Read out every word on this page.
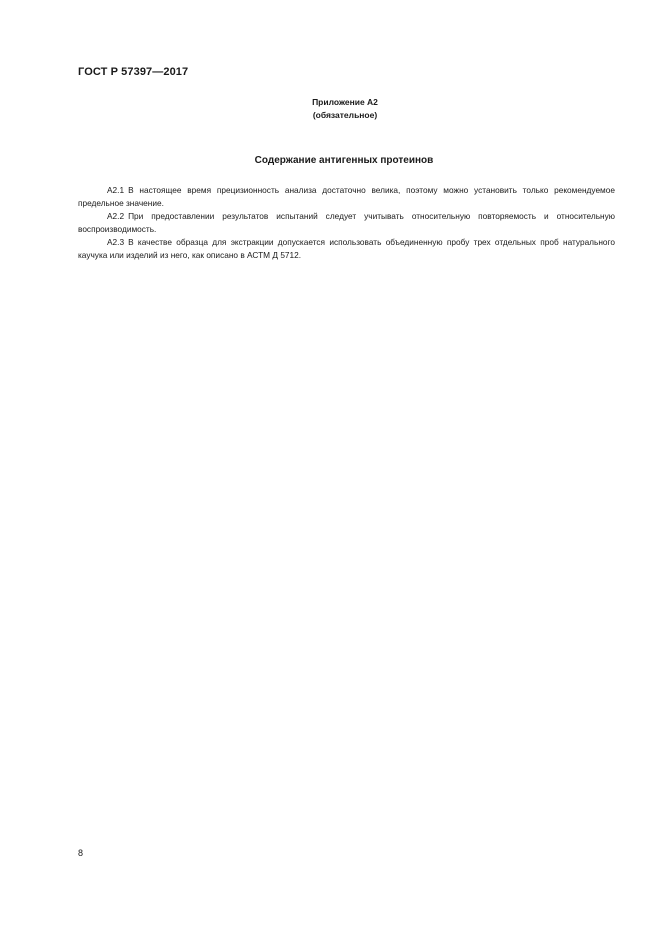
ГОСТ Р 57397—2017
Приложение А2
(обязательное)
Содержание антигенных протеинов

А2.1 В настоящее время прецизионность анализа достаточно велика, поэтому можно установить только рекомендуемое предельное значение.

А2.2 При предоставлении результатов испытаний следует учитывать относительную повторяемость и относительную воспроизводимость.

А2.3 В качестве образца для экстракции допускается использовать объединенную пробу трех отдельных проб натурального каучука или изделий из него, как описано в АСТМ Д 5712.

8
